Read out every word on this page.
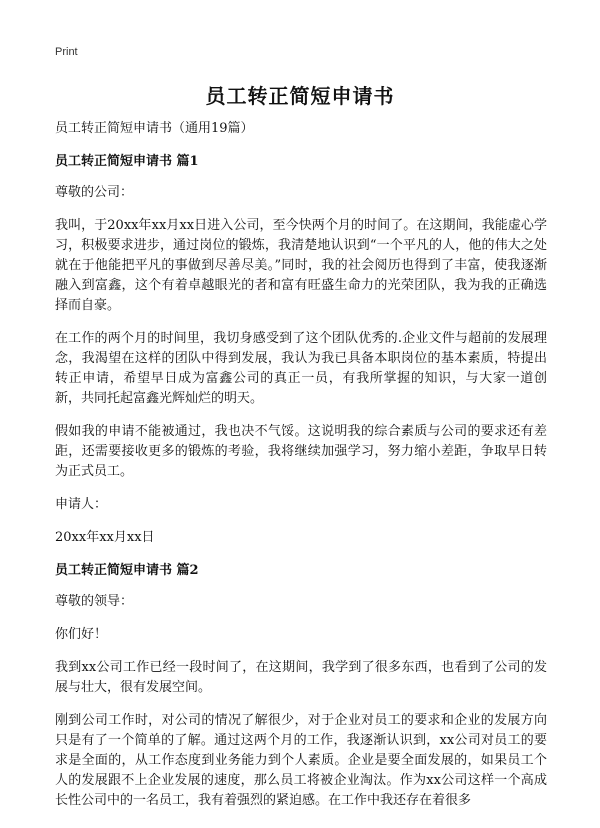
Print
员工转正简短申请书

员工转正简短申请书（通用19篇）

员工转正简短申请书 篇1

尊敬的公司：

我叫，于20xx年xx月xx日进入公司，至今快两个月的时间了。在这期间，我能虚心学习，积极要求进步，通过岗位的锻炼，我清楚地认识到“一个平凡的人，他的伟大之处就在于他能把平凡的事做到尽善尽美。”同时，我的社会阅历也得到了丰富，使我逐渐融入到富鑫，这个有着卓越眼光的者和富有旺盛生命力的光荣团队，我为我的正确选择而自豪。

在工作的两个月的时间里，我切身感受到了这个团队优秀的.企业文件与超前的发展理念，我渴望在这样的团队中得到发展，我认为我已具备本职岗位的基本素质，特提出转正申请，希望早日成为富鑫公司的真正一员，有我所掌握的知识，与大家一道创新，共同托起富鑫光辉灿烂的明天。

假如我的申请不能被通过，我也决不气馁。这说明我的综合素质与公司的要求还有差距，还需要接收更多的锻炼的考验，我将继续加强学习，努力缩小差距，争取早日转为正式员工。

申请人：

20xx年xx月xx日

员工转正简短申请书 篇2

尊敬的领导：

你们好！

我到xx公司工作已经一段时间了，在这期间，我学到了很多东西，也看到了公司的发展与壮大，很有发展空间。

刚到公司工作时，对公司的情况了解很少，对于企业对员工的要求和企业的发展方向只是有了一个简单的了解。通过这两个月的工作，我逐渐认识到，xx公司对员工的要求是全面的，从工作态度到业务能力到个人素质。企业是要全面发展的，如果员工个人的发展跟不上企业发展的速度，那么员工将被企业淘汰。作为xx公司这样一个高成长性公司中的一名员工，我有着强烈的紧迫感。在工作中我还存在着很多
